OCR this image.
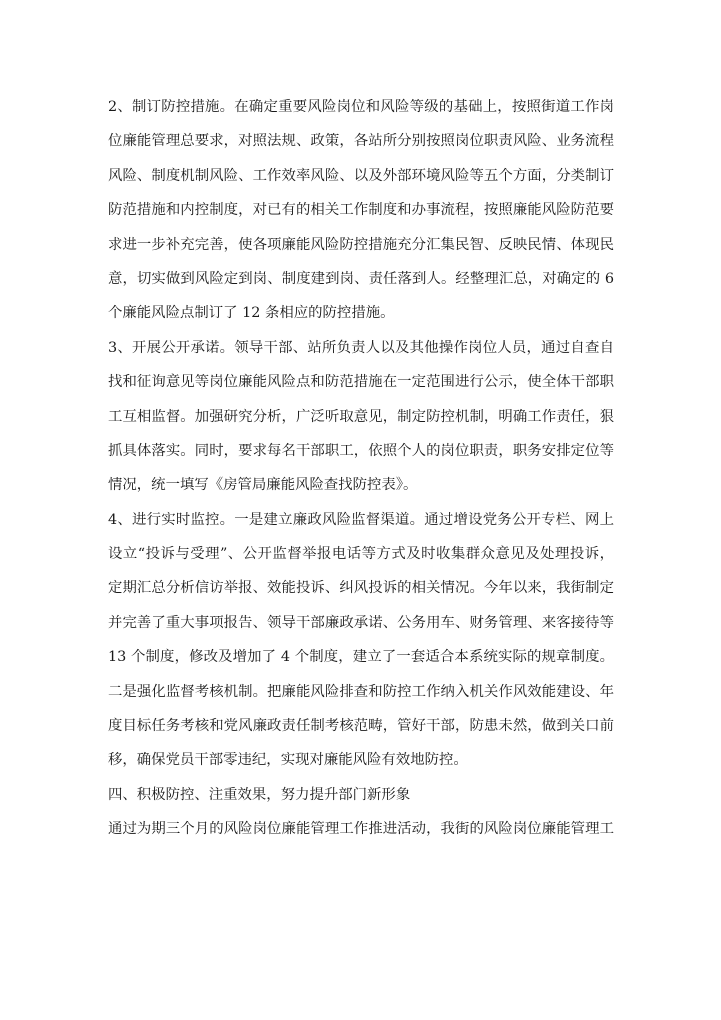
2、制订防控措施。在确定重要风险岗位和风险等级的基础上，按照街道工作岗
位廉能管理总要求，对照法规、政策，各站所分别按照岗位职责风险、业务流程
风险、制度机制风险、工作效率风险、以及外部环境风险等五个方面，分类制订
防范措施和内控制度，对已有的相关工作制度和办事流程，按照廉能风险防范要
求进一步补充完善，使各项廉能风险防控措施充分汇集民智、反映民情、体现民
意，切实做到风险定到岗、制度建到岗、责任落到人。经整理汇总，对确定的 6
个廉能风险点制订了 12 条相应的防控措施。
3、开展公开承诺。领导干部、站所负责人以及其他操作岗位人员，通过自查自
找和征询意见等岗位廉能风险点和防范措施在一定范围进行公示，使全体干部职
工互相监督。加强研究分析，广泛听取意见，制定防控机制，明确工作责任，狠
抓具体落实。同时，要求每名干部职工，依照个人的岗位职责，职务安排定位等
情况，统一填写《房管局廉能风险查找防控表》。
4、进行实时监控。一是建立廉政风险监督渠道。通过增设党务公开专栏、网上
设立“投诉与受理”、公开监督举报电话等方式及时收集群众意见及处理投诉，
定期汇总分析信访举报、效能投诉、纠风投诉的相关情况。今年以来，我街制定
并完善了重大事项报告、领导干部廉政承诺、公务用车、财务管理、来客接待等
13 个制度，修改及增加了 4 个制度，建立了一套适合本系统实际的规章制度。
二是强化监督考核机制。把廉能风险排查和防控工作纳入机关作风效能建设、年
度目标任务考核和党风廉政责任制考核范畴，管好干部，防患未然，做到关口前
移，确保党员干部零违纪，实现对廉能风险有效地防控。
四、积极防控、注重效果，努力提升部门新形象
通过为期三个月的风险岗位廉能管理工作推进活动，我街的风险岗位廉能管理工
